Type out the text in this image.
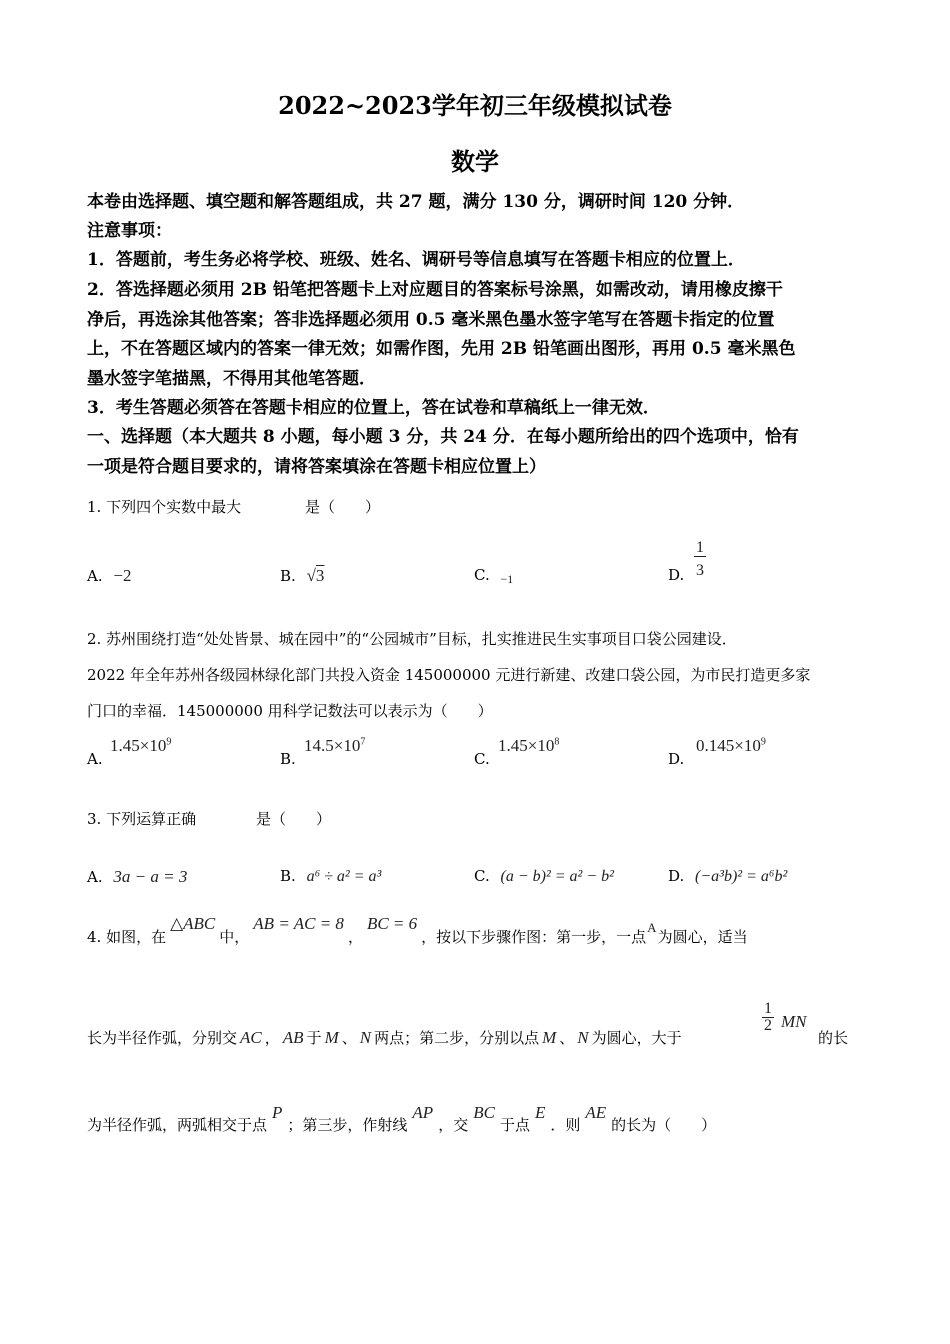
2022~2023学年初三年级模拟试卷
数学
本卷由选择题、填空题和解答题组成，共 27 题，满分 130 分，调研时间 120 分钟．
注意事项：
1．答题前，考生务必将学校、班级、姓名、调研号等信息填写在答题卡相应的位置上．
2．答选择题必须用 2B 铅笔把答题卡上对应题目的答案标号涂黑，如需改动，请用橡皮擦干
净后，再选涂其他答案；答非选择题必须用 0.5 毫米黑色墨水签字笔写在答题卡指定的位置
上，不在答题区域内的答案一律无效；如需作图，先用 2B 铅笔画出图形，再用 0.5 毫米黑色
墨水签字笔描黑，不得用其他笔答题．
3．考生答题必须答在答题卡相应的位置上，答在试卷和草稿纸上一律无效．
一、选择题（本大题共 8 小题，每小题 3 分，共 24 分．在每小题所给出的四个选项中，恰有
一项是符合题目要求的，请将答案填涂在答题卡相应位置上）
1. 下列四个实数中最大	是（　　）
A. −2	B. √3	C. $_{-1}$	D. $\frac{1}{3}$
2. 苏州围绕打造“处处皆景、城在园中”的“公园城市”目标，扎实推进民生实事项目口袋公园建设．
2022 年全年苏州各级园林绿化部门共投入资金 145000000 元进行新建、改建口袋公园，为市民打造更多家
门口的幸福．145000000 用科学记数法可以表示为（　　）
A.
$1.45\times 10^9$
B.
$14.5\times 10^7$
C.
$1.45\times 10^8$
D.
$0.145\times 10^9$
3. 下列运算正确	是（　　）
A. 3a − a = 3	B. a⁶ ÷ a² = a³	C. (a − b)² = a² − b²	D. (−a³b)² = a⁶b²
4. 如图，在△ABC中，AB = AC = 8，BC = 6，按以下步骤作图：第一步，一点A为圆心，适当
长为半径作弧，分别交 AC ， AB 于 M 、 N 两点；第二步，分别以点 M 、 N 为圆心，大于
$\frac{1}{2}$ MN
的长
为半径作弧，两弧相交于点P；第三步，作射线AP，交BC于点E．则AE的长为（　　）
